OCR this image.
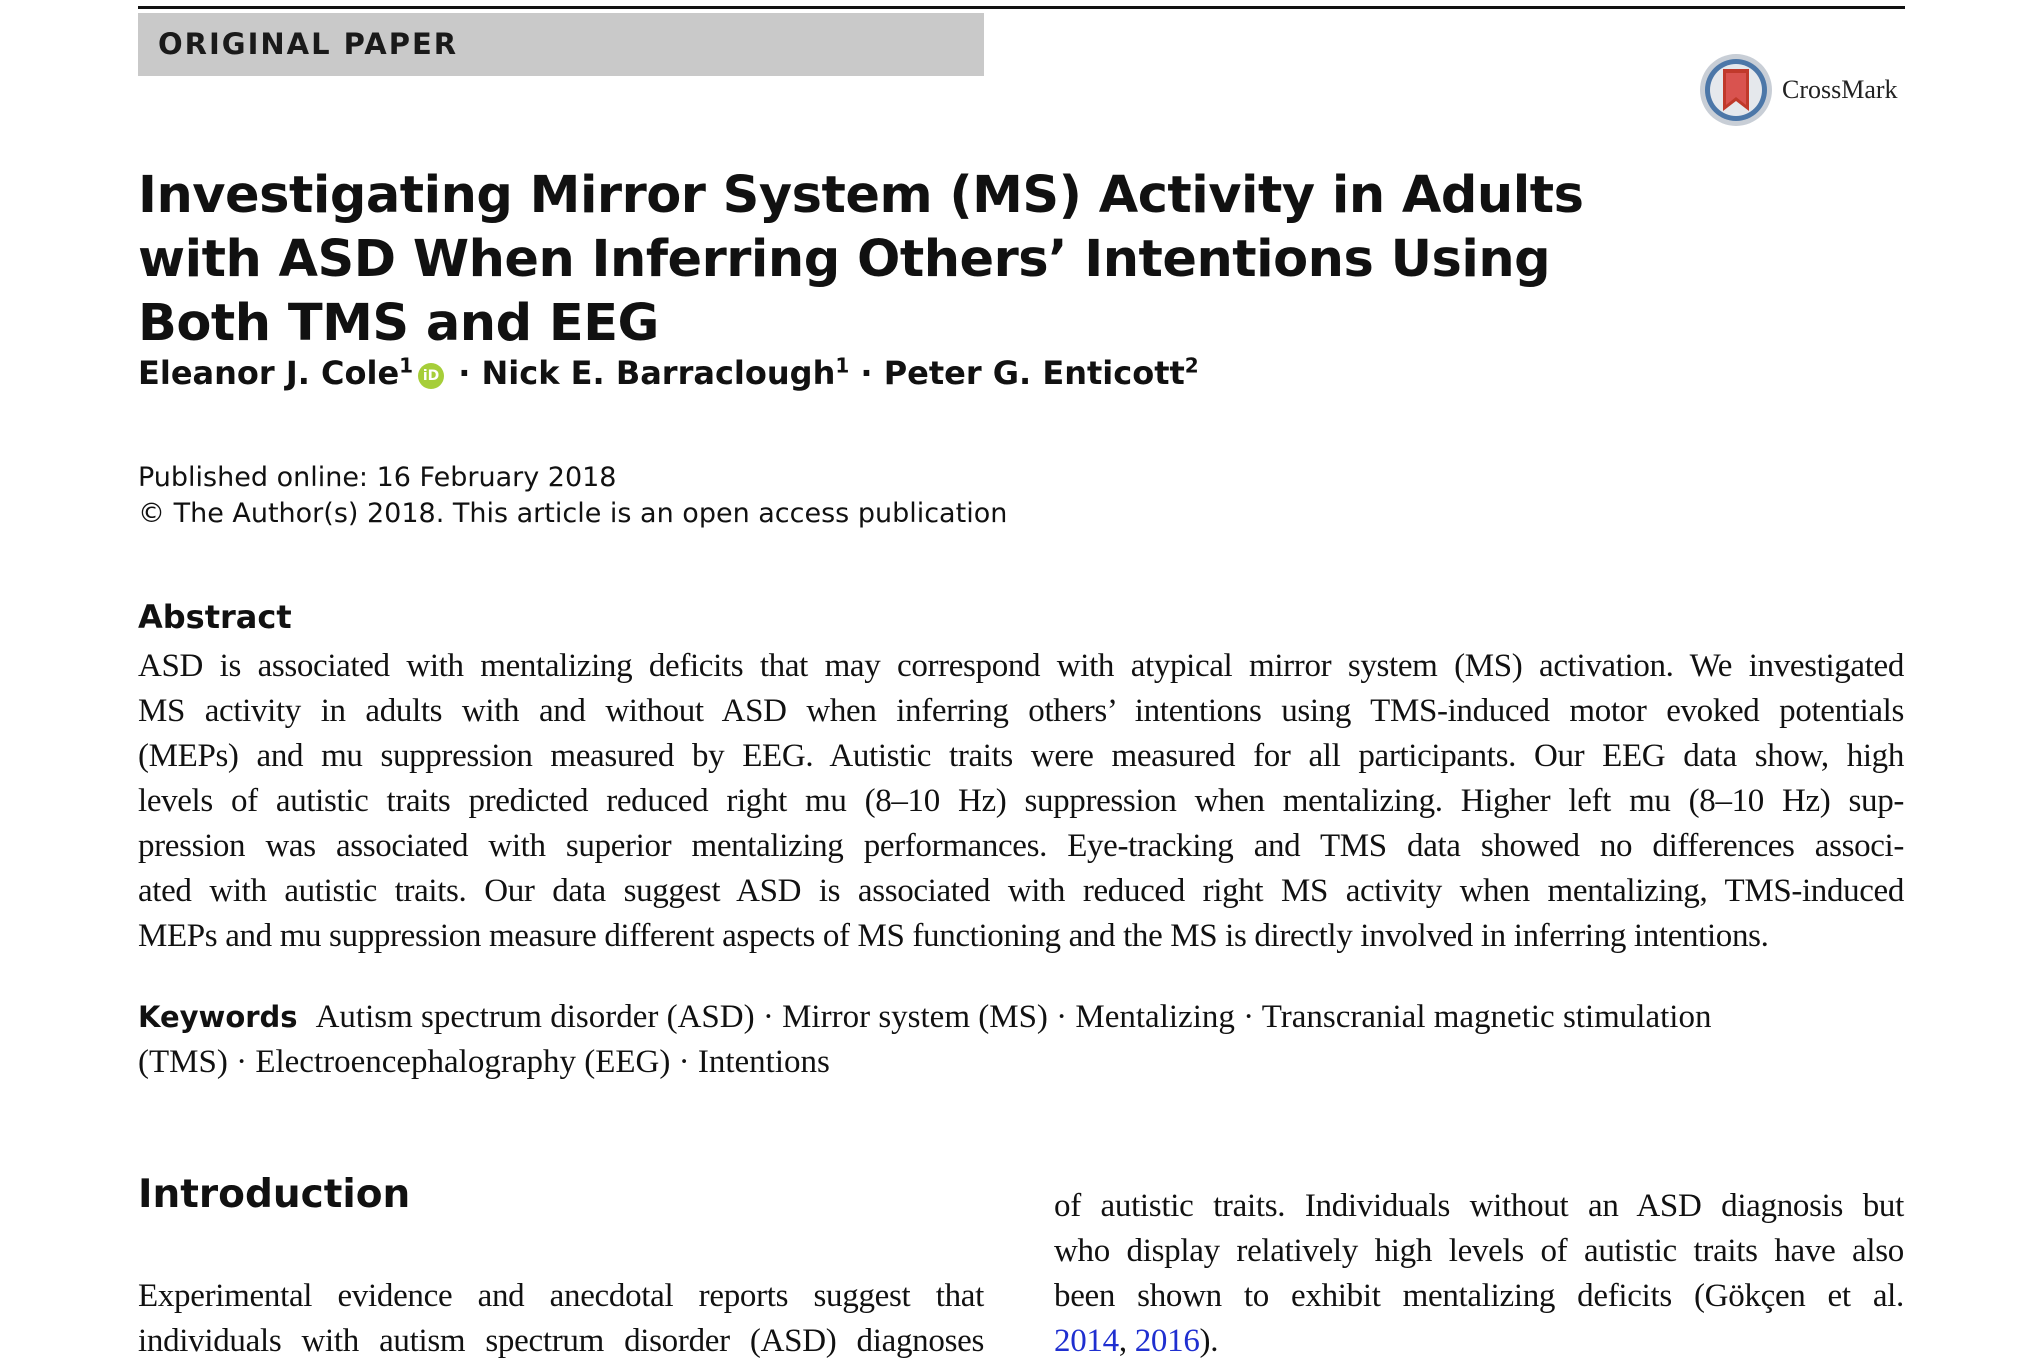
ORIGINAL PAPER
CrossMark
Investigating Mirror System (MS) Activity in Adults with ASD When Inferring Others’ Intentions Using Both TMS and EEG
Eleanor J. Cole$^1$ iD · Nick E. Barraclough$^1$ · Peter G. Enticott$^2$
Published online: 16 February 2018
© The Author(s) 2018. This article is an open access publication
Abstract

ASD is associated with mentalizing deficits that may correspond with atypical mirror system (MS) activation. We investigated
MS activity in adults with and without ASD when inferring others’ intentions using TMS-induced motor evoked potentials
(MEPs) and mu suppression measured by EEG. Autistic traits were measured for all participants. Our EEG data show, high
levels of autistic traits predicted reduced right mu (8–10 Hz) suppression when mentalizing. Higher left mu (8–10 Hz) sup-
pression was associated with superior mentalizing performances. Eye-tracking and TMS data showed no differences associ-
ated with autistic traits. Our data suggest ASD is associated with reduced right MS activity when mentalizing, TMS-induced
MEPs and mu suppression measure different aspects of MS functioning and the MS is directly involved in inferring intentions.

Keywords Autism spectrum disorder (ASD) · Mirror system (MS) · Mentalizing · Transcranial magnetic stimulation
(TMS) · Electroencephalography (EEG) · Intentions
Introduction

Experimental evidence and anecdotal reports suggest that
individuals with autism spectrum disorder (ASD) diagnoses

of autistic traits. Individuals without an ASD diagnosis but
who display relatively high levels of autistic traits have also
been shown to exhibit mentalizing deficits (Gökçen et al.
2014, 2016).
